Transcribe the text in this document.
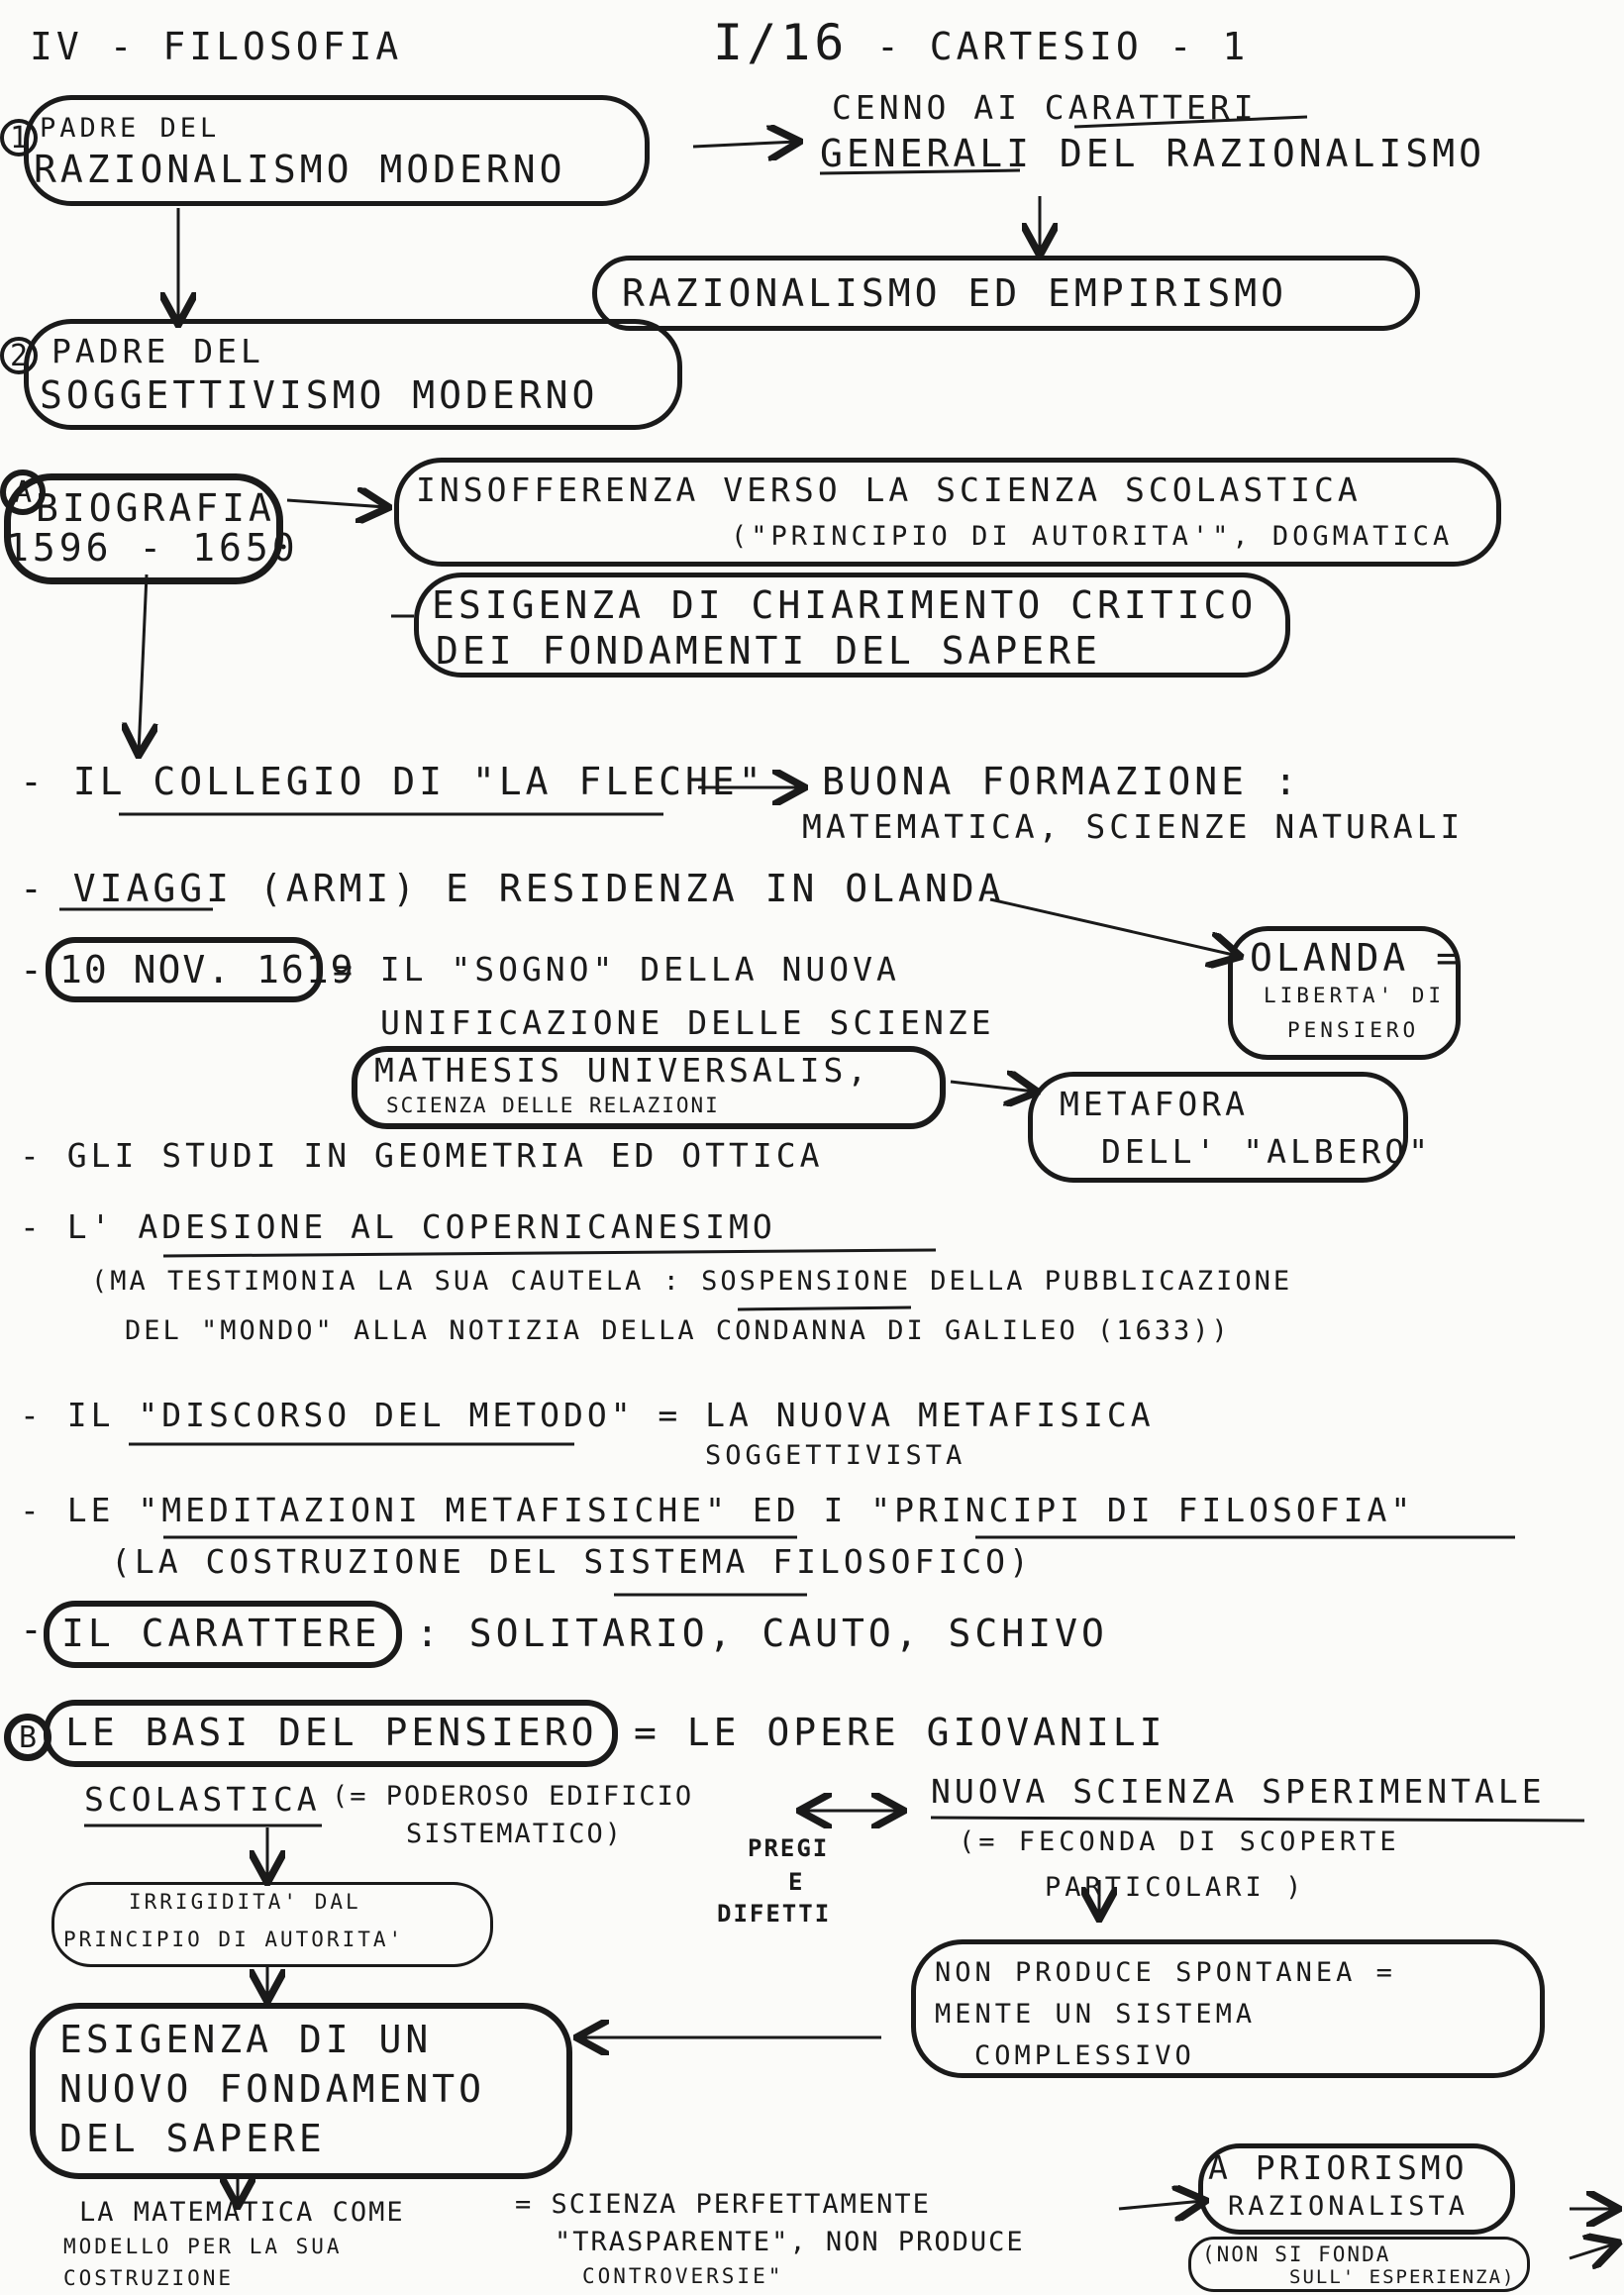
IV - FILOSOFIA	I/16 - CARTESIO - 1
1 PADRE DEL
RAZIONALISMO MODERNO
CENNO AI CARATTERI
GENERALI DEL RAZIONALISMO
RAZIONALISMO ED EMPIRISMO
2 PADRE DEL
SOGGETTIVISMO MODERNO
A BIOGRAFIA
1596 - 1650
INSOFFERENZA VERSO LA SCIENZA SCOLASTICA
("PRINCIPIO DI AUTORITA'", DOGMATICA
ESIGENZA DI CHIARIMENTO CRITICO
DEI FONDAMENTI DEL SAPERE
- IL COLLEGIO DI "LA FLECHE" BUONA FORMAZIONE :
MATEMATICA, SCIENZE NATURALI
- VIAGGI (ARMI) E RESIDENZA IN OLANDA
OLANDA =
LIBERTA' DI
PENSIERO
- 10 NOV. 1619
= IL "SOGNO" DELLA NUOVA
UNIFICAZIONE DELLE SCIENZE
MATHESIS UNIVERSALIS,
SCIENZA DELLE RELAZIONI	METAFORA
DELL' "ALBERO"
- GLI STUDI IN GEOMETRIA ED OTTICA
- L' ADESIONE AL COPERNICANESIMO
(MA TESTIMONIA LA SUA CAUTELA : SOSPENSIONE DELLA PUBBLICAZIONE
DEL "MONDO" ALLA NOTIZIA DELLA CONDANNA DI GALILEO (1633))
- IL "DISCORSO DEL METODO" = LA NUOVA METAFISICA
SOGGETTIVISTA
- LE "MEDITAZIONI METAFISICHE" ED I "PRINCIPI DI FILOSOFIA"
(LA COSTRUZIONE DEL SISTEMA FILOSOFICO)
- IL CARATTERE : SOLITARIO, CAUTO, SCHIVO
B LE BASI DEL PENSIERO = LE OPERE GIOVANILI
SCOLASTICA (= PODEROSO EDIFICIO
SISTEMATICO)	PREGI
E
DIFETTI
NUOVA SCIENZA SPERIMENTALE
(= FECONDA DI SCOPERTE
PARTICOLARI )
IRRIGIDITA' DAL
PRINCIPIO DI AUTORITA'
NON PRODUCE SPONTANEA =
MENTE UN SISTEMA
COMPLESSIVO
ESIGENZA DI UN
NUOVO FONDAMENTO
DEL SAPERE
LA MATEMATICA COME
MODELLO PER LA SUA
COSTRUZIONE
= SCIENZA PERFETTAMENTE
"TRASPARENTE", NON PRODUCE
CONTROVERSIE"
A PRIORISMO
RAZIONALISTA
(NON SI FONDA
SULL' ESPERIENZA)
